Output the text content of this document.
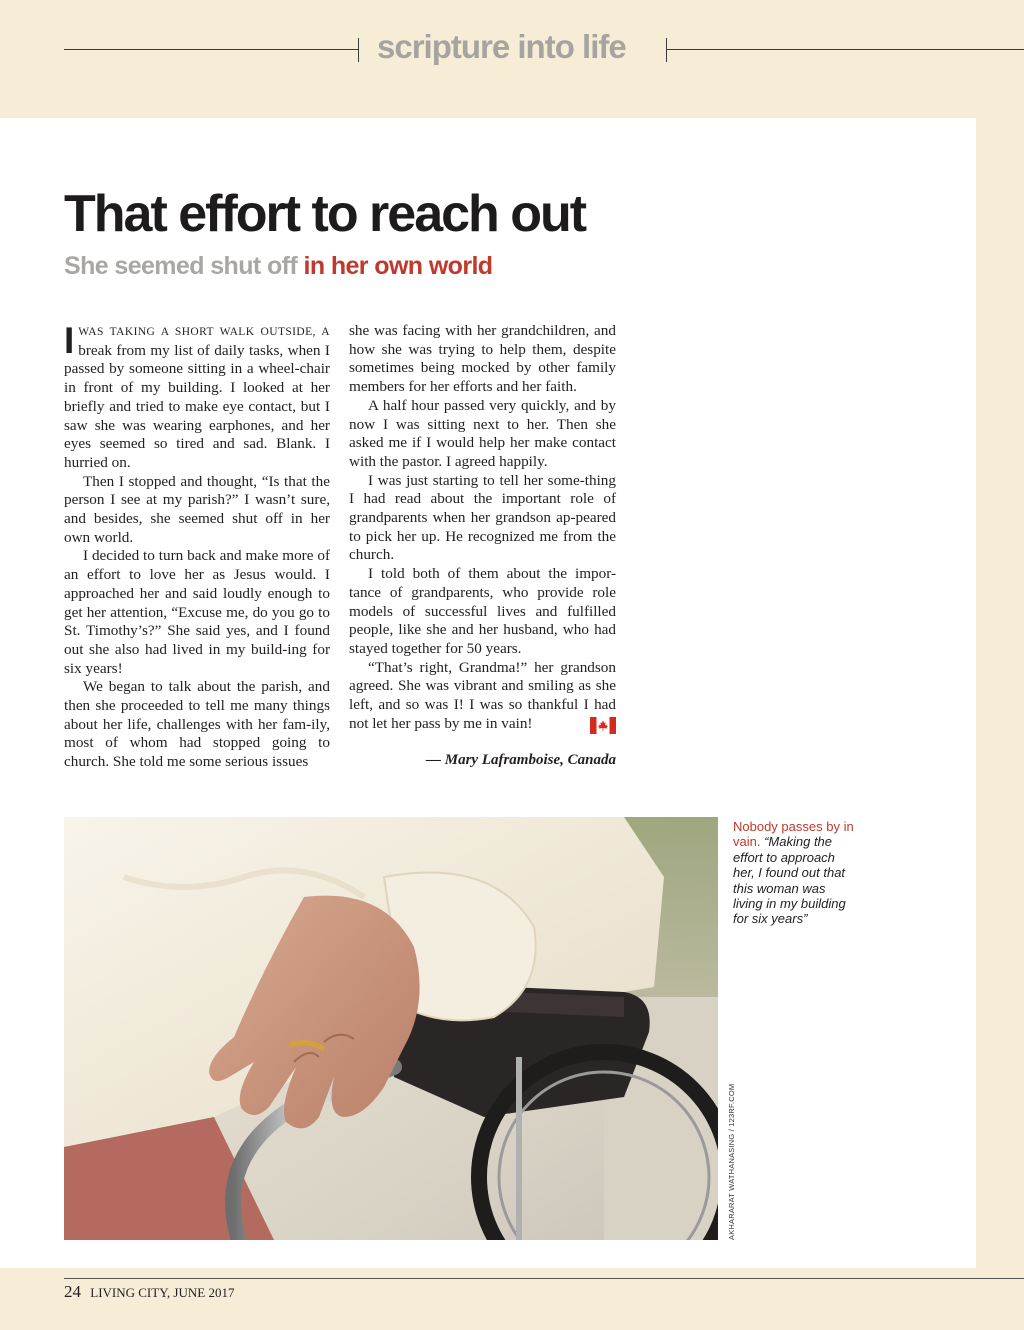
scripture into life
That effort to reach out
She seemed shut off in her own world

IWAS TAKING A SHORT WALK OUTSIDE, A break from my list of daily tasks, when I passed by someone sitting in a wheel-chair in front of my building. I looked at her briefly and tried to make eye contact, but I saw she was wearing earphones, and her eyes seemed so tired and sad. Blank. I hurried on.

Then I stopped and thought, “Is that the person I see at my parish?” I wasn’t sure, and besides, she seemed shut off in her own world.

I decided to turn back and make more of an effort to love her as Jesus would. I approached her and said loudly enough to get her attention, “Excuse me, do you go to St. Timothy’s?” She said yes, and I found out she also had lived in my build-ing for six years!

We began to talk about the parish, and then she proceeded to tell me many things about her life, challenges with her fam-ily, most of whom had stopped going to church. She told me some serious issues

she was facing with her grandchildren, and how she was trying to help them, despite sometimes being mocked by other family members for her efforts and her faith.

A half hour passed very quickly, and by now I was sitting next to her. Then she asked me if I would help her make contact with the pastor. I agreed happily.

I was just starting to tell her some-thing I had read about the important role of grandparents when her grandson ap-peared to pick her up. He recognized me from the church.

I told both of them about the impor-tance of grandparents, who provide role models of successful lives and fulfilled people, like she and her husband, who had stayed together for 50 years.

“That’s right, Grandma!” her grandson agreed. She was vibrant and smiling as she left, and so was I! I was so thankful I had not let her pass by me in vain!

— Mary Laframboise, Canada
AKHARARAT WATHANASING / 123RF.COM
Nobody passes by in vain. “Making the effort to approach her, I found out that this woman was living in my building for six years”
24 LIVING CITY, JUNE 2017
